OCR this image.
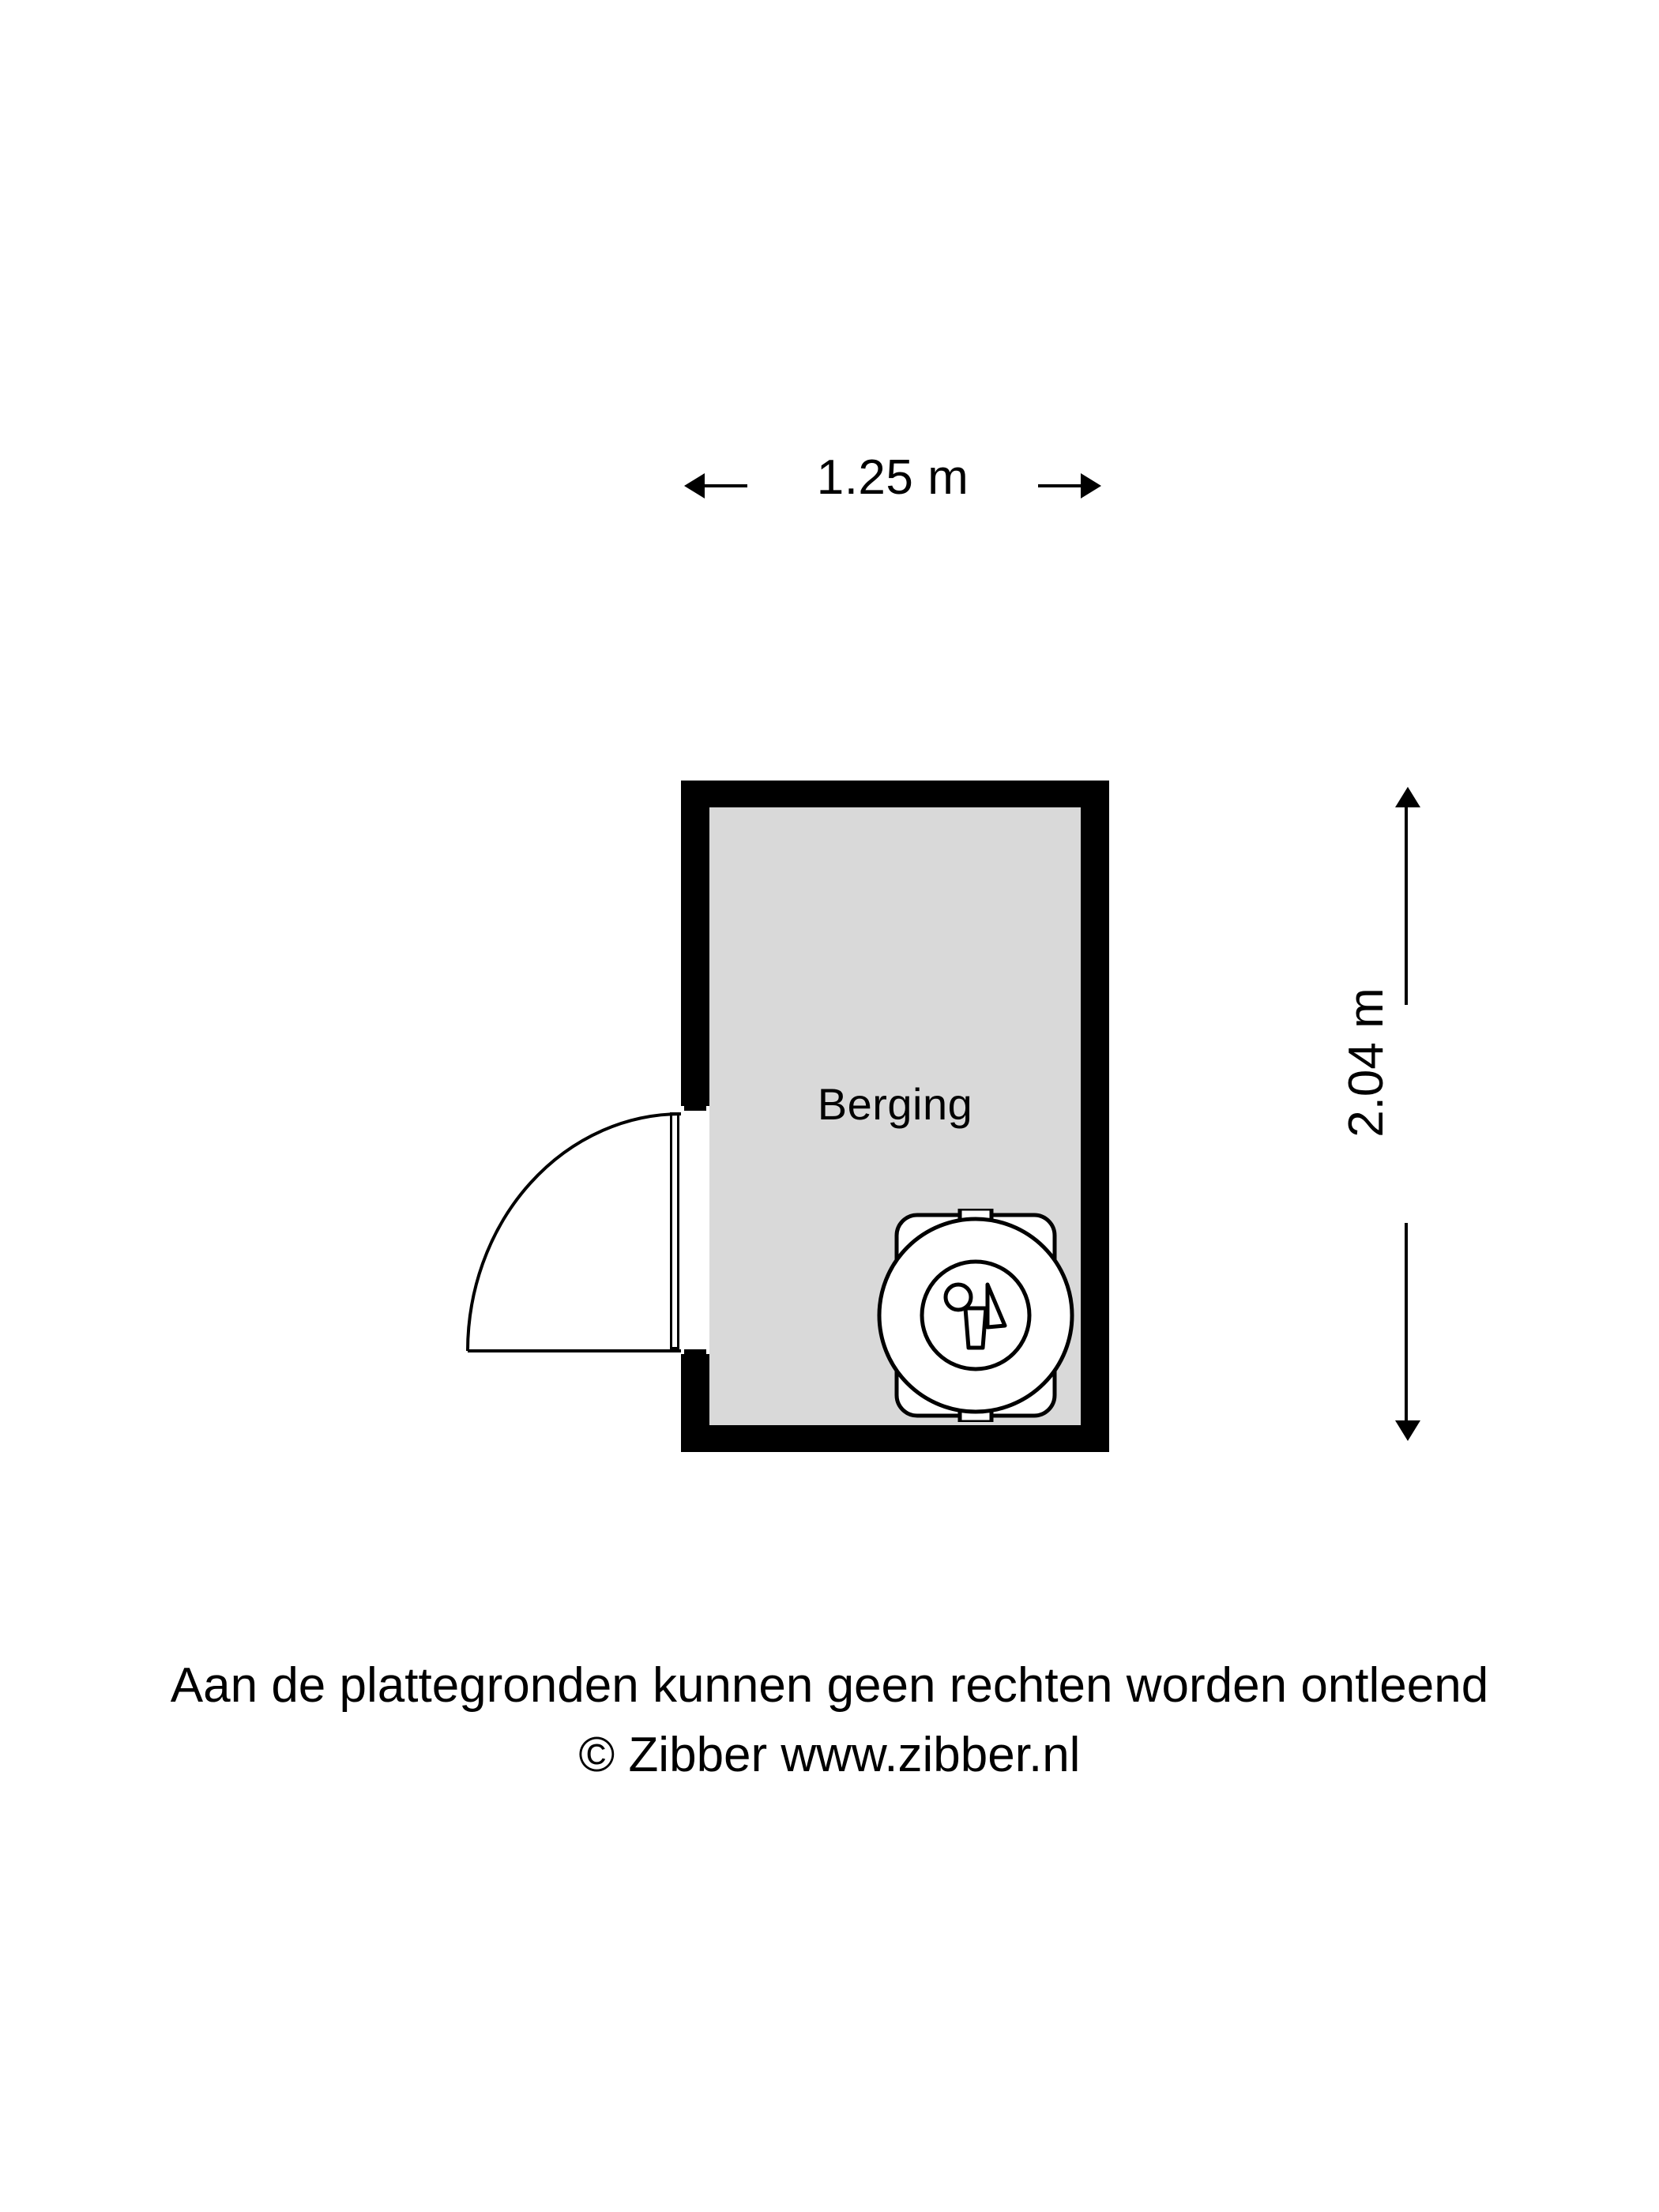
1.25 m
2.04 m
Berging
Aan de plattegronden kunnen geen rechten worden ontleend
© Zibber www.zibber.nl
